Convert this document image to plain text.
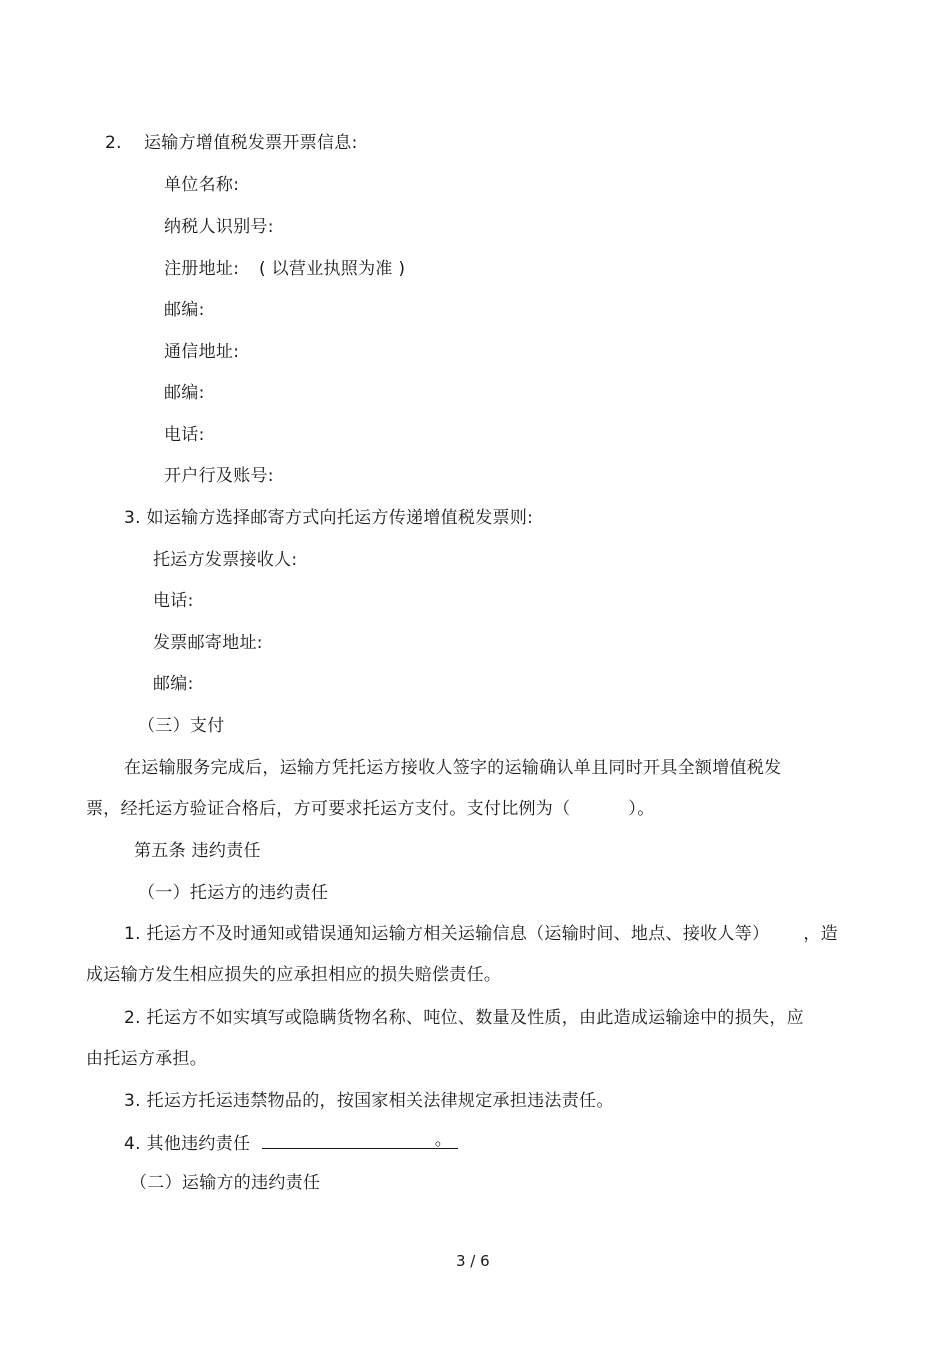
2. 运输方增值税发票开票信息:
单位名称:
纳税人识别号:
注册地址: ( 以营业执照为准 )
邮编:
通信地址:
邮编:
电话:
开户行及账号:
3. 如运输方选择邮寄方式向托运方传递增值税发票则:
托运方发票接收人:
电话:
发票邮寄地址:
邮编:
（三）支付
在运输服务完成后，运输方凭托运方接收人签字的运输确认单且同时开具全额增值税发
票，经托运方验证合格后，方可要求托运方支付。支付比例为（	）。
第五条 违约责任
（一）托运方的违约责任
1. 托运方不及时通知或错误通知运输方相关运输信息（运输时间、地点、接收人等） ，造
成运输方发生相应损失的应承担相应的损失赔偿责任。
2. 托运方不如实填写或隐瞒货物名称、吨位、数量及性质，由此造成运输途中的损失，应
由托运方承担。
3. 托运方托运违禁物品的，按国家相关法律规定承担违法责任。
4. 其他违约责任	。
（二）运输方的违约责任
3 / 6
